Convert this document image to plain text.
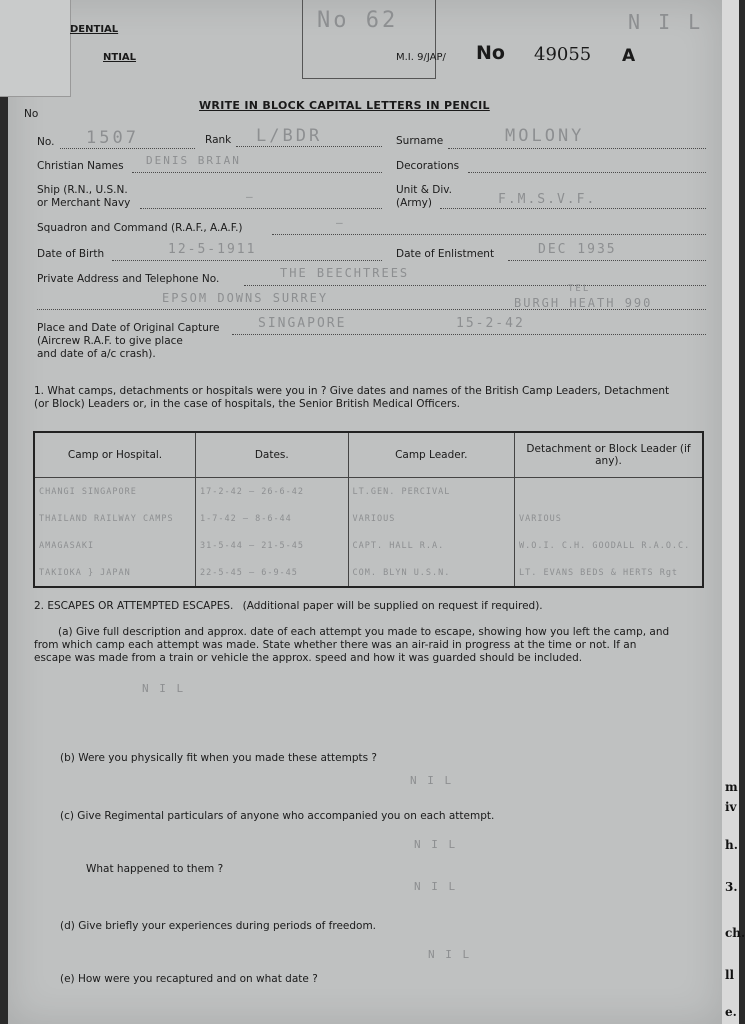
m
iv
h.
3.
ch.
ll
e.
DENTIAL
NTIAL
No
No 62	N I L
M.I. 9/JAP/ No 49055 A
WRITE IN BLOCK CAPITAL LETTERS IN PENCIL
No. 1507	Rank L/BDR	Surname	MOLONY
Christian Names DENIS BRIAN	Decorations
Ship (R.N., U.S.N.
or Merchant Navy	—	Unit & Div.
(Army)	F.M.S.V.F.
Squadron and Command (R.A.F., A.A.F.)	—
Date of Birth	12-5-1911	Date of Enlistment	DEC 1935
Private Address and Telephone No.	THE BEECHTREES
EPSOM DOWNS SURREY
TEL
BURGH HEATH 990
Place and Date of Original Capture
(Aircrew R.A.F. to give place
and date of a/c crash).
SINGAPORE	15-2-42
1. What camps, detachments or hospitals were you in ? Give dates and names of the British Camp Leaders, Detachment
(or Block) Leaders or, in the case of hospitals, the Senior British Medical Officers.
Camp or Hospital.	Dates.	Camp Leader.	Detachment or Block Leader (if any).
CHANGI SINGAPORE	17-2-42 — 26-6-42	LT.GEN. PERCIVAL	
THAILAND RAILWAY CAMPS	1-7-42 — 8-6-44	VARIOUS	VARIOUS
AMAGASAKI	31-5-44 — 21-5-45	CAPT. HALL R.A.	W.O.I. C.H. GOODALL R.A.O.C.
TAKIOKA } JAPAN	22-5-45 — 6-9-45	COM. BLYN U.S.N.	LT. EVANS BEDS & HERTS Rgt
2. ESCAPES OR ATTEMPTED ESCAPES. (Additional paper will be supplied on request if required).
(a) Give full description and approx. date of each attempt you made to escape, showing how you left the camp, and
from which camp each attempt was made. State whether there was an air-raid in progress at the time or not. If an
escape was made from a train or vehicle the approx. speed and how it was guarded should be included.
N I L
(b) Were you physically fit when you made these attempts ?
N I L
(c) Give Regimental particulars of anyone who accompanied you on each attempt.
N I L
What happened to them ?
N I L
(d) Give briefly your experiences during periods of freedom.
N I L
(e) How were you recaptured and on what date ?
